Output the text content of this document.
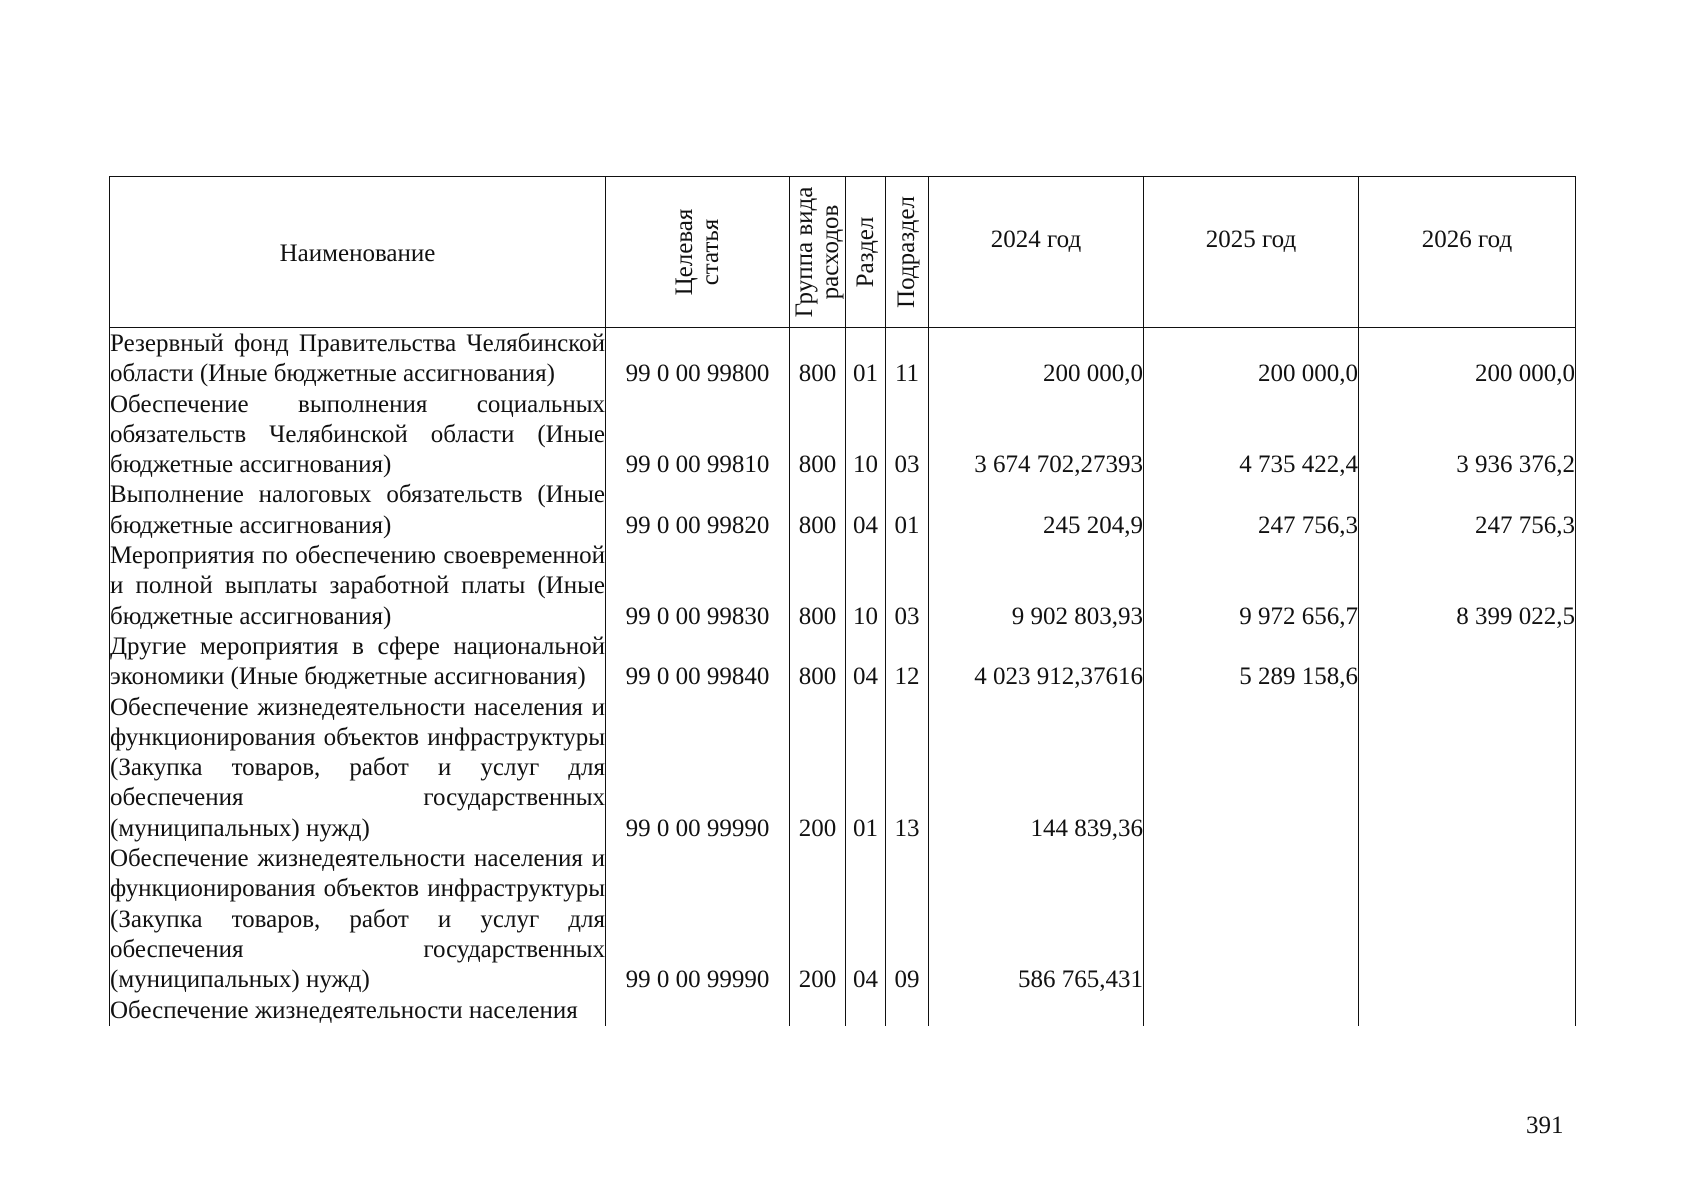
Наименование	Целевая статья	Группа вида расходов	Раздел	Подраздел	2024 год	2025 год	2026 год

Резервный фонд Правительства Челябинской области (Иные бюджетные ассигнования)	99 0 00 99800	800	01	11	200 000,0	200 000,0	200 000,0
Обеспечение выполнения социальных обязательств Челябинской области (Иные бюджетные ассигнования)	99 0 00 99810	800	10	03	3 674 702,27393	4 735 422,4	3 936 376,2
Выполнение налоговых обязательств (Иные бюджетные ассигнования)	99 0 00 99820	800	04	01	245 204,9	247 756,3	247 756,3
Мероприятия по обеспечению своевременной и полной выплаты заработной платы (Иные бюджетные ассигнования)	99 0 00 99830	800	10	03	9 902 803,93	9 972 656,7	8 399 022,5
Другие мероприятия в сфере национальной экономики (Иные бюджетные ассигнования)	99 0 00 99840	800	04	12	4 023 912,37616	5 289 158,6	
Обеспечение жизнедеятельности населения и функционирования объектов инфраструктуры (Закупка товаров, работ и услуг для обеспечения государственных (муниципальных) нужд)	99 0 00 99990	200	01	13	144 839,36		
Обеспечение жизнедеятельности населения и функционирования объектов инфраструктуры (Закупка товаров, работ и услуг для обеспечения государственных (муниципальных) нужд)	99 0 00 99990	200	04	09	586 765,431		
Обеспечение жизнедеятельности населения							
391
